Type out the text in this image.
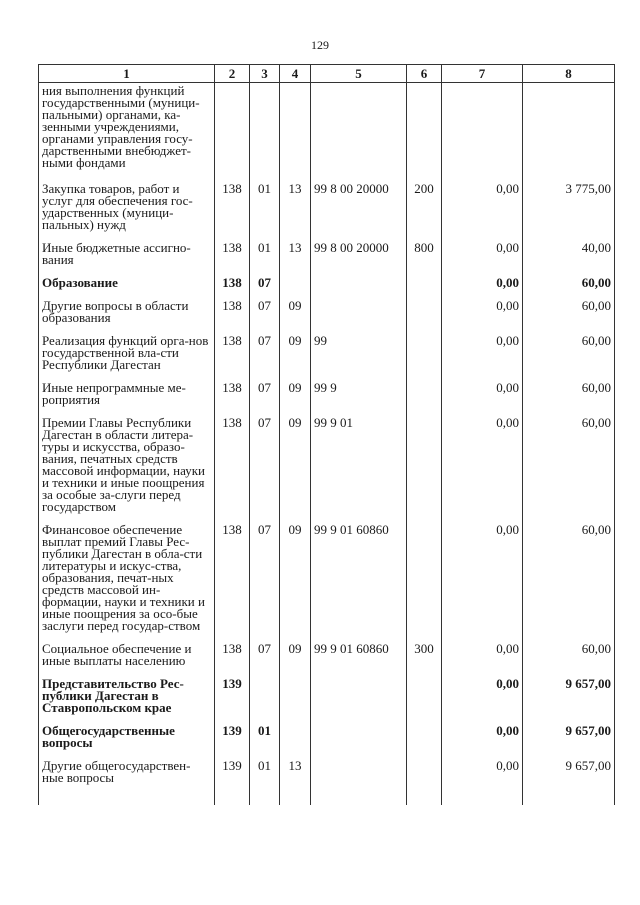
129
1	2	3	4	5	6	7	8
ния выполнения функций государственными (муници-пальными) органами, ка-зенными учреждениями, органами управления госу-дарственными внебюджет-ными фондами							
Закупка товаров, работ и услуг для обеспечения гос-ударственных (муници-пальных) нужд	138	01	13	99 8 00 20000	200	0,00	3 775,00
Иные бюджетные ассигно-вания	138	01	13	99 8 00 20000	800	0,00	40,00
Образование	138	07				0,00	60,00
Другие вопросы в области образования	138	07	09			0,00	60,00
Реализация функций орга-нов государственной вла-сти Республики Дагестан	138	07	09	99		0,00	60,00
Иные непрограммные ме-роприятия	138	07	09	99 9		0,00	60,00
Премии Главы Республики Дагестан в области литера-туры и искусства, образо-вания, печатных средств массовой информации, науки и техники и иные поощрения за особые за-слуги перед государством	138	07	09	99 9 01		0,00	60,00
Финансовое обеспечение выплат премий Главы Рес-публики Дагестан в обла-сти литературы и искус-ства, образования, печат-ных средств массовой ин-формации, науки и техники и иные поощрения за осо-бые заслуги перед государ-ством	138	07	09	99 9 01 60860		0,00	60,00
Социальное обеспечение и иные выплаты населению	138	07	09	99 9 01 60860	300	0,00	60,00
Представительство Рес-публики Дагестан в Ставропольском крае	139					0,00	9 657,00
Общегосударственные вопросы	139	01				0,00	9 657,00
Другие общегосударствен-ные вопросы	139	01	13			0,00	9 657,00
